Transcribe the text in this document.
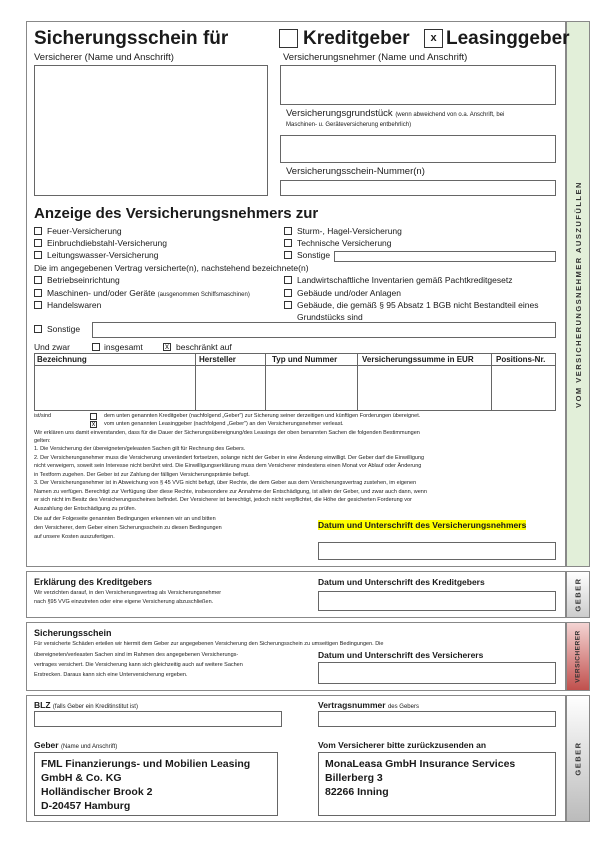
VOM VERSICHERUNGSNEHMER AUSZUFÜLLEN
Sicherungsschein für	Kreditgeber	x Leasinggeber
Versicherer (Name und Anschrift)	Versicherungsnehmer (Name und Anschrift)
Versicherungsgrundstück (wenn abweichend von o.a. Anschrift, bei
Maschinen- u. Geräteversicherung entbehrlich)
Versicherungsschein-Nummer(n)
Anzeige des Versicherungsnehmers zur
Feuer-Versicherung
Einbruchdiebstahl-Versicherung
Leitungswasser-Versicherung
Sturm-, Hagel-Versicherung
Technische Versicherung
Sonstige
Die im angegebenen Vertrag versicherte(n), nachstehend bezeichnete(n)
Betriebseinrichtung
Maschinen- und/oder Geräte (ausgenommen Schiffsmaschinen)
Handelswaren
Landwirtschaftliche Inventarien gemäß Pachtkreditgesetz
Gebäude und/oder Anlagen
Gebäude, die gemäß § 95 Absatz 1 BGB nicht Bestandteil eines
Grundstücks sind
Sonstige
Und zwar	insgesamt	x beschränkt auf
Bezeichnung	Hersteller	Typ und Nummer	Versicherungssumme in EUR	Positions-Nr.

ist/sind	dem unten genannten Kreditgeber (nachfolgend „Geber") zur Sicherung seiner derzeitigen und künftigen Forderungen übereignet.
x	vom unten genannten Leasinggeber (nachfolgend „Geber") an den Versicherungsnehmer verleast.
Wir erklären uns damit einverstanden, dass für die Dauer der Sicherungsübereignung/des Leasings der oben benannten Sachen die folgenden Bestimmungen
gelten:
1. Die Versicherung der übereigneten/geleasten Sachen gilt für Rechnung des Gebers.
2. Der Versicherungsnehmer muss die Versicherung unverändert fortsetzen, solange nicht der Geber in eine Änderung einwilligt. Der Geber darf die Einwilligung
nicht verweigern, soweit sein Interesse nicht berührt wird. Die Einwilligungserklärung muss dem Versicherer mindestens einen Monat vor Ablauf oder Änderung
in Textform zugehen. Der Geber ist zur Zahlung der fälligen Versicherungsprämie befugt.
3. Der Versicherungsnehmer ist in Abweichung von § 45 VVG nicht befugt, über Rechte, die dem Geber aus dem Versicherungsvertrag zustehen, im eigenen
Namen zu verfügen. Berechtigt zur Verfügung über diese Rechte, insbesondere zur Annahme der Entschädigung, ist allein der Geber, und zwar auch dann, wenn
er sich nicht im Besitz des Versicherungsscheines befindet. Der Versicherer ist berechtigt, jedoch nicht verpflichtet, die Höhe der gesicherten Forderung vor
Auszahlung der Entschädigung zu prüfen.
Die auf der Folgeseite genannten Bedingungen erkennen wir an und bitten
den Versicherer, dem Geber einen Sicherungsschein zu diesen Bedingungen
auf unsere Kosten auszufertigen.
Datum und Unterschrift des Versicherungsnehmers
GEBER
Erklärung des Kreditgebers
Wir verzichten darauf, in den Versicherungsvertrag als Versicherungsnehmer
nach §95 VVG einzutreten oder eine eigene Versicherung abzuschließen.
Datum und Unterschrift des Kreditgebers
VERSICHERER
Sicherungsschein
Für versicherte Schäden erteilen wir hiermit dem Geber zur angegebenen Versicherung den Sicherungsschein zu umseitigen Bedingungen. Die
übereigneten/verleasten Sachen sind im Rahmen des angegebenen Versicherungs-
vertrages versichert. Die Versicherung kann sich gleichzeitig auch auf weitere Sachen
Erstrecken. Daraus kann sich eine Unterversicherung ergeben.
Datum und Unterschrift des Versicherers
GEBER
BLZ (falls Geber ein Kreditinstitut ist)	Vertragsnummer des Gebers
Geber (Name und Anschrift)
FML Finanzierungs- und Mobilien Leasing
GmbH & Co. KG
Holländischer Brook 2
D-20457 Hamburg
Vom Versicherer bitte zurückzusenden an
MonaLeasa GmbH Insurance Services
Billerberg 3
82266 Inning
